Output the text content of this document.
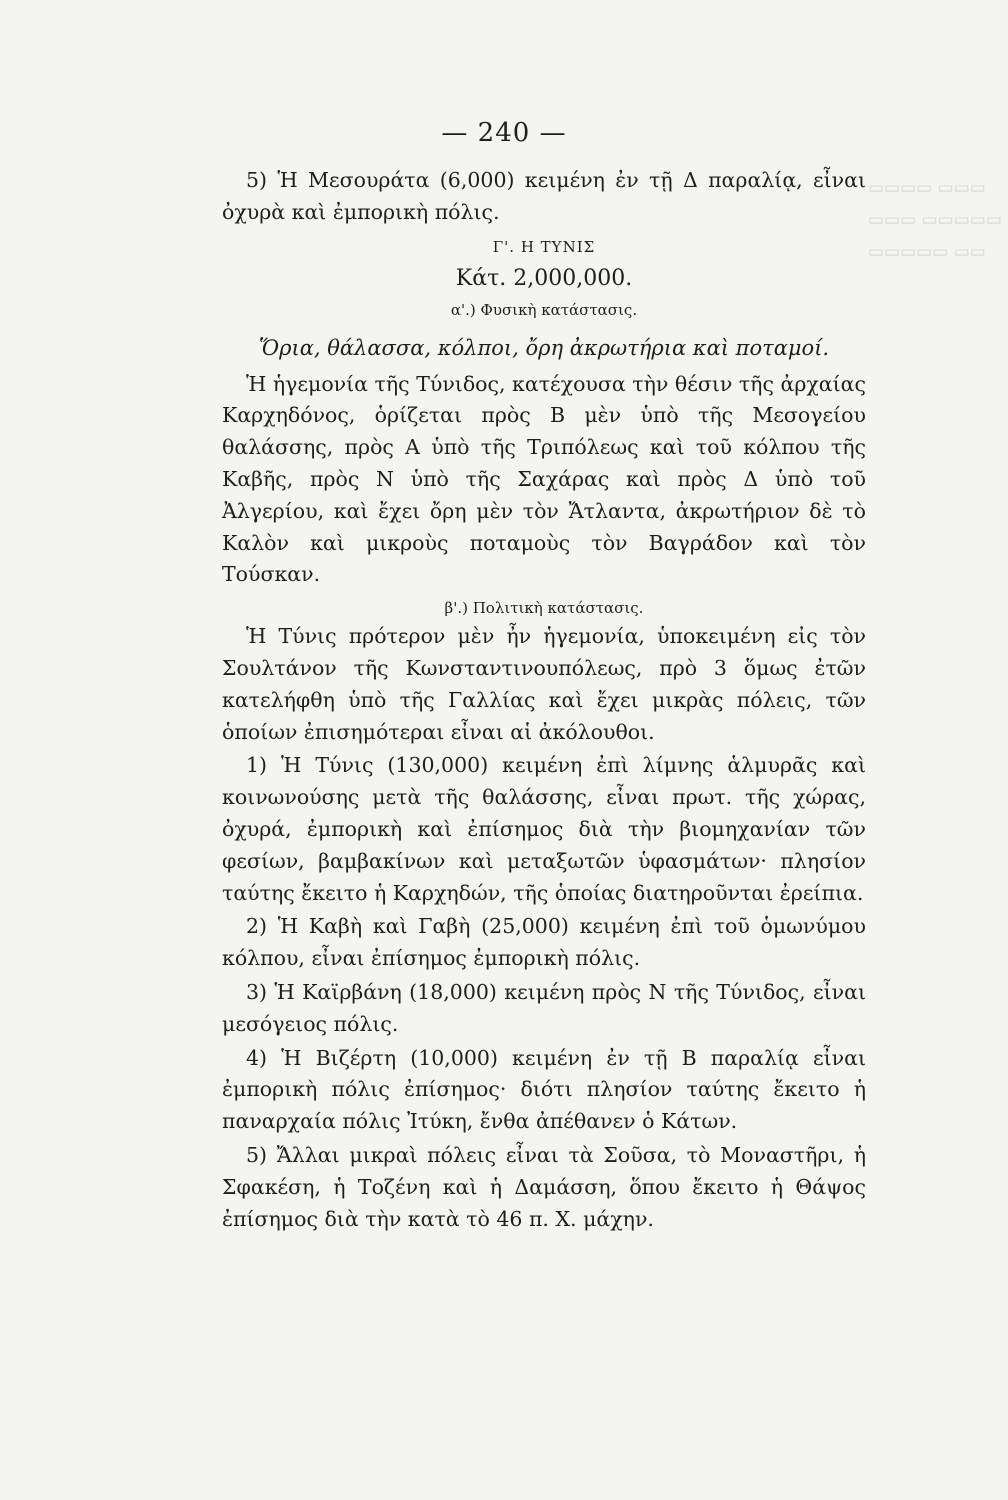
— 240 —
▭▭▭▭ ▭▭▭
▭▭▭ ▭▭▭▭▭
▭▭▭▭▭ ▭▭

5) Ἡ Μεσουράτα (6,000) κειμένη ἐν τῇ Δ παραλίᾳ, εἶναι ὀχυρὰ καὶ ἐμπορικὴ πόλις.

Γ'. Η ΤΥΝΙΣ

Κάτ. 2,000,000.

α'.) Φυσικὴ κατάστασις.

Ὅρια, θάλασσα, κόλποι, ὄρη ἀκρωτήρια καὶ ποταμοί.

Ἡ ἡγεμονία τῆς Τύνιδος, κατέχουσα τὴν θέσιν τῆς ἀρχαίας Καρχηδόνος, ὁρίζεται πρὸς Β μὲν ὑπὸ τῆς Μεσογείου θαλάσσης, πρὸς Α ὑπὸ τῆς Τριπόλεως καὶ τοῦ κόλπου τῆς Καβῆς, πρὸς Ν ὑπὸ τῆς Σαχάρας καὶ πρὸς Δ ὑπὸ τοῦ Ἀλγερίου, καὶ ἔχει ὄρη μὲν τὸν Ἄτλαντα, ἀκρωτήριον δὲ τὸ Καλὸν καὶ μικροὺς ποταμοὺς τὸν Βαγράδον καὶ τὸν Τούσκαν.

β'.) Πολιτικὴ κατάστασις.

Ἡ Τύνις πρότερον μὲν ἦν ἡγεμονία, ὑποκειμένη εἰς τὸν Σουλτάνον τῆς Κωνσταντινουπόλεως, πρὸ 3 ὅμως ἐτῶν κατελήφθη ὑπὸ τῆς Γαλλίας καὶ ἔχει μικρὰς πόλεις, τῶν ὁποίων ἐπισημότεραι εἶναι αἱ ἀκόλουθοι.

1) Ἡ Τύνις (130,000) κειμένη ἐπὶ λίμνης ἁλμυρᾶς καὶ κοινωνούσης μετὰ τῆς θαλάσσης, εἶναι πρωτ. τῆς χώρας, ὀχυρά, ἐμπορικὴ καὶ ἐπίσημος διὰ τὴν βιομηχανίαν τῶν φεσίων, βαμβακίνων καὶ μεταξωτῶν ὑφασμάτων· πλησίον ταύτης ἔκειτο ἡ Καρχηδών, τῆς ὁποίας διατηροῦνται ἐρείπια.

2) Ἡ Καβὴ καὶ Γαβὴ (25,000) κειμένη ἐπὶ τοῦ ὁμωνύμου κόλπου, εἶναι ἐπίσημος ἐμπορικὴ πόλις.

3) Ἡ Καϊρβάνη (18,000) κειμένη πρὸς Ν τῆς Τύνιδος, εἶναι μεσόγειος πόλις.

4) Ἡ Βιζέρτη (10,000) κειμένη ἐν τῇ Β παραλίᾳ εἶναι ἐμπορικὴ πόλις ἐπίσημος· διότι πλησίον ταύτης ἔκειτο ἡ παναρχαία πόλις Ἰτύκη, ἔνθα ἀπέθανεν ὁ Κάτων.

5) Ἄλλαι μικραὶ πόλεις εἶναι τὰ Σοῦσα, τὸ Μοναστῆρι, ἡ Σφακέση, ἡ Τοζένη καὶ ἡ Δαμάσση, ὅπου ἔκειτο ἡ Θάψος ἐπίσημος διὰ τὴν κατὰ τὸ 46 π. Χ. μάχην.
